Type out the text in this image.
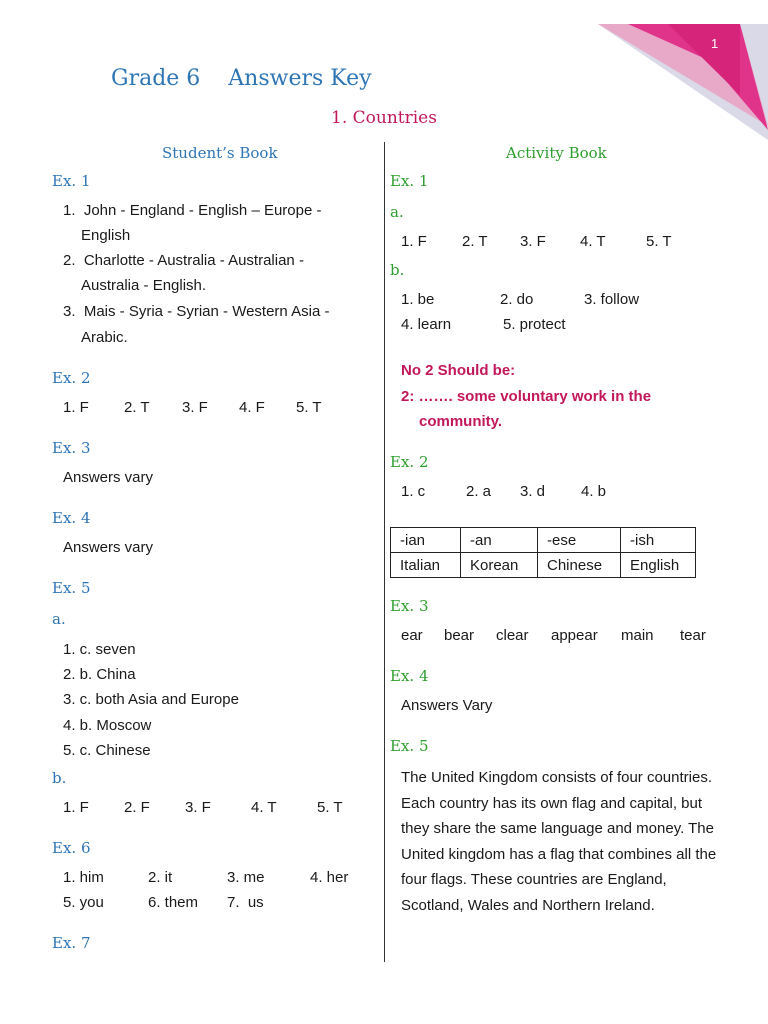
1
Grade 6    Answers Key
1. Countries
Student’s Book
Ex. 1
1.  John - England - English – Europe -
English
2.  Charlotte - Australia - Australian -
Australia - English.
3.  Mais - Syria - Syrian - Western Asia -
Arabic.
Ex. 2
1. F 2. T 3. F 4. F 5. T
Ex. 3
Answers vary
Ex. 4
Answers vary
Ex. 5
a.
1. c. seven
2. b. China
3. c. both Asia and Europe
4. b. Moscow
5. c. Chinese
b.
1. F 2. F 3. F	4. T	5. T
Ex. 6
1. him	2. it	3. me	4. her
5. you	6. them 7.  us
Ex. 7
Activity Book
Ex. 1
a.
1. F 2. T 3. F 4. T	5. T
b.
1. be	2. do	3. follow
4. learn	5. protect
No 2 Should be:
2: ……. some voluntary work in the
community.
Ex. 2
1. c	2. a 3. d 4. b
-ian	-an	-ese	-ish
Italian	Korean	Chinese	English
Ex. 3
ear bear clear appear main tear
Ex. 4
Answers Vary
Ex. 5
The United Kingdom consists of four countries. Each country has its own flag and capital, but they share the same language and money. The United kingdom has a flag that combines all the four flags. These countries are England, Scotland, Wales and Northern Ireland.
